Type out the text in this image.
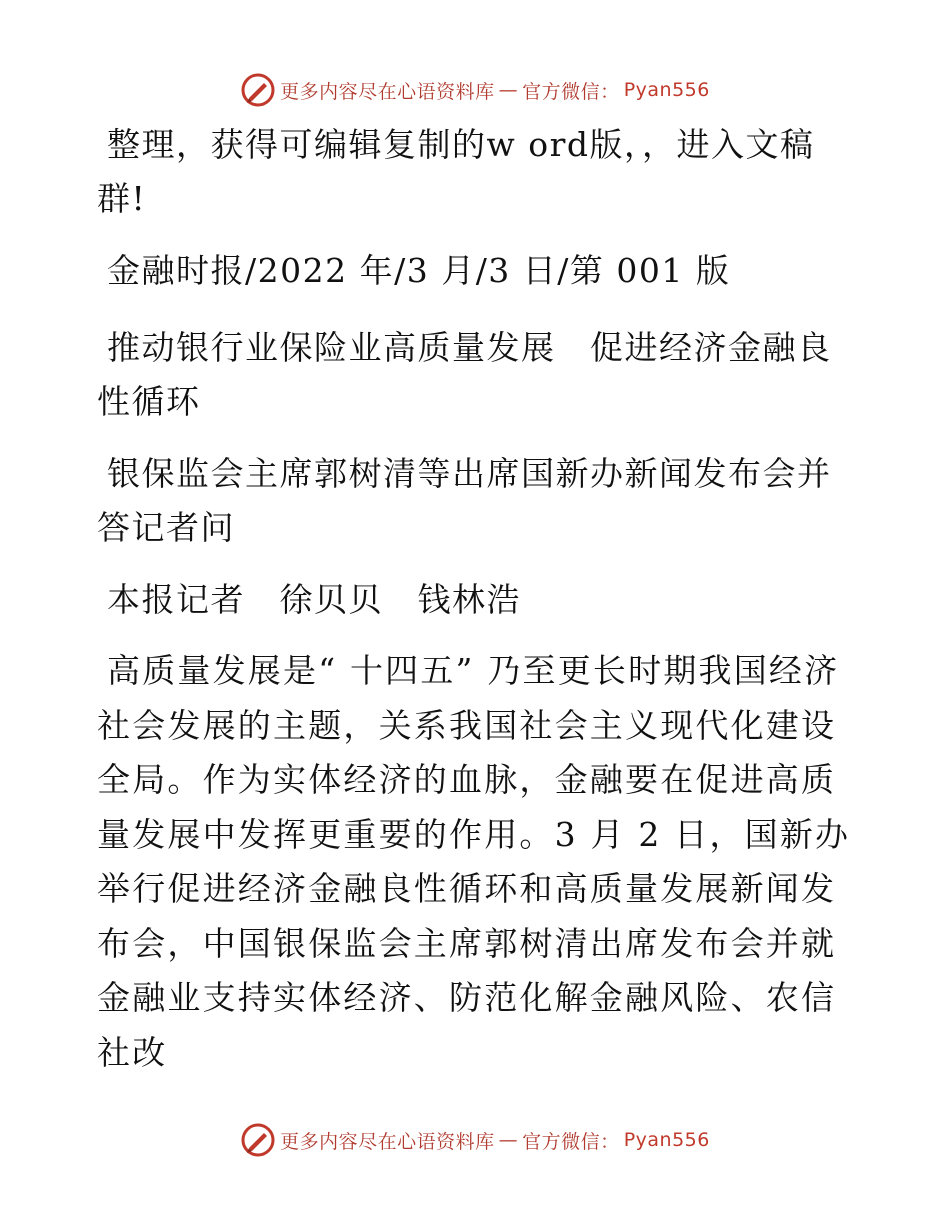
更多内容尽在心语资料库 — 官方微信： Pyan556

整理，获得可编辑复制的w ord版，，进入文稿群!

金融时报/2022 年/3 月/3 日/第 001 版

推动银行业保险业高质量发展　促进经济金融良性循环

银保监会主席郭树清等出席国新办新闻发布会并答记者问

本报记者　徐贝贝　钱林浩

高质量发展是“ 十四五” 乃至更长时期我国经济社会发展的主题，关系我国社会主义现代化建设全局。作为实体经济的血脉，金融要在促进高质量发展中发挥更重要的作用。3 月 2 日，国新办举行促进经济金融良性循环和高质量发展新闻发布会，中国银保监会主席郭树清出席发布会并就金融业支持实体经济、防范化解金融风险、农信社改

更多内容尽在心语资料库 — 官方微信： Pyan556
